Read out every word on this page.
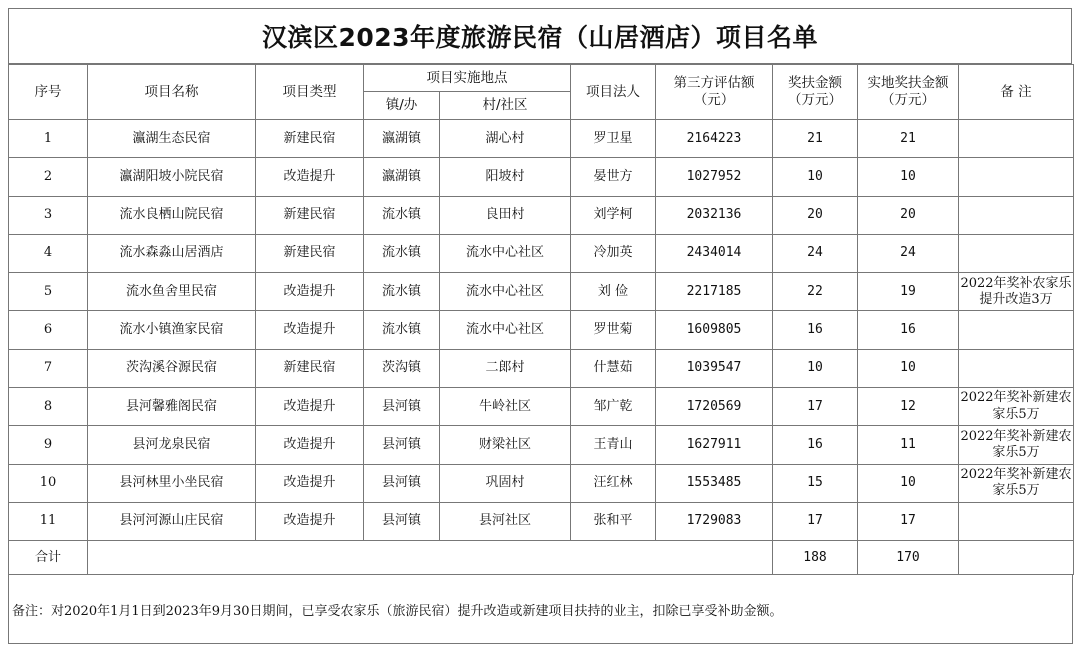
汉滨区2023年度旅游民宿（山居酒店）项目名单
序号	项目名称	项目类型	项目实施地点		项目法人	第三方评估额（元）	奖扶金额（万元）	实地奖扶金额（万元）	备 注
			镇/办	村/社区					
1	瀛湖生态民宿	新建民宿	瀛湖镇	湖心村	罗卫星	2164223	21	21	
2	瀛湖阳坡小院民宿	改造提升	瀛湖镇	阳坡村	晏世方	1027952	10	10	
3	流水良栖山院民宿	新建民宿	流水镇	良田村	刘学柯	2032136	20	20	
4	流水森淼山居酒店	新建民宿	流水镇	流水中心社区	冷加英	2434014	24	24	
5	流水鱼舍里民宿	改造提升	流水镇	流水中心社区	刘 俭	2217185	22	19	2022年奖补农家乐提升改造3万
6	流水小镇渔家民宿	改造提升	流水镇	流水中心社区	罗世菊	1609805	16	16	
7	茨沟溪谷源民宿	新建民宿	茨沟镇	二郎村	什慧茹	1039547	10	10	
8	县河馨雅阁民宿	改造提升	县河镇	牛岭社区	邹广乾	1720569	17	12	2022年奖补新建农家乐5万
9	县河龙泉民宿	改造提升	县河镇	财梁社区	王青山	1627911	16	11	2022年奖补新建农家乐5万
10	县河林里小坐民宿	改造提升	县河镇	巩固村	汪红林	1553485	15	10	2022年奖补新建农家乐5万
11	县河河源山庄民宿	改造提升	县河镇	县河社区	张和平	1729083	17	17	
合计							188	170	
备注：对2020年1月1日到2023年9月30日期间，已享受农家乐（旅游民宿）提升改造或新建项目扶持的业主，扣除已享受补助金额。
